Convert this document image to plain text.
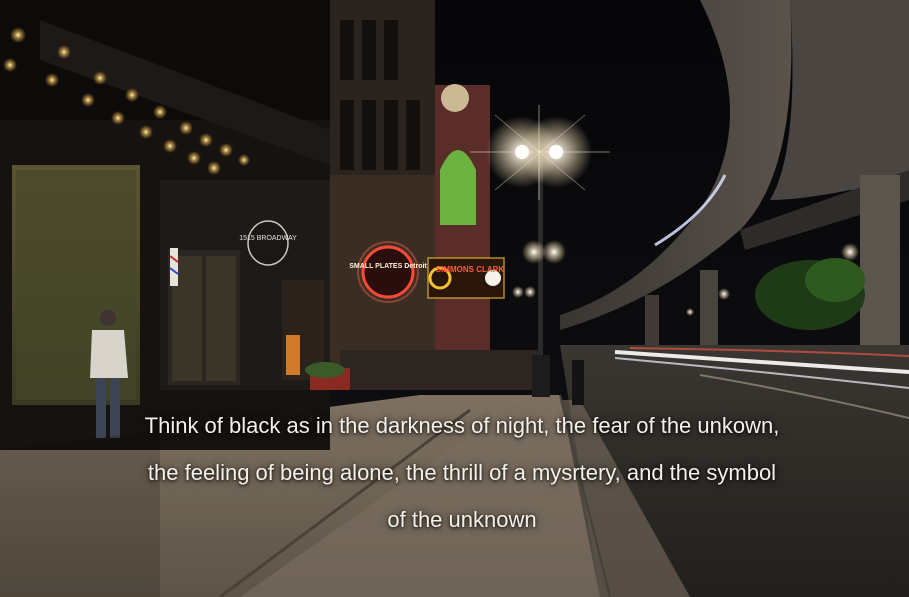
1515 BROADWAY
SMALL PLATES Detroit SIMMONS CLARK
Think of black as in the darkness of night, the fear of the unkown,
the feeling of being alone, the thrill of a mysrtery, and the symbol
of the unknown
